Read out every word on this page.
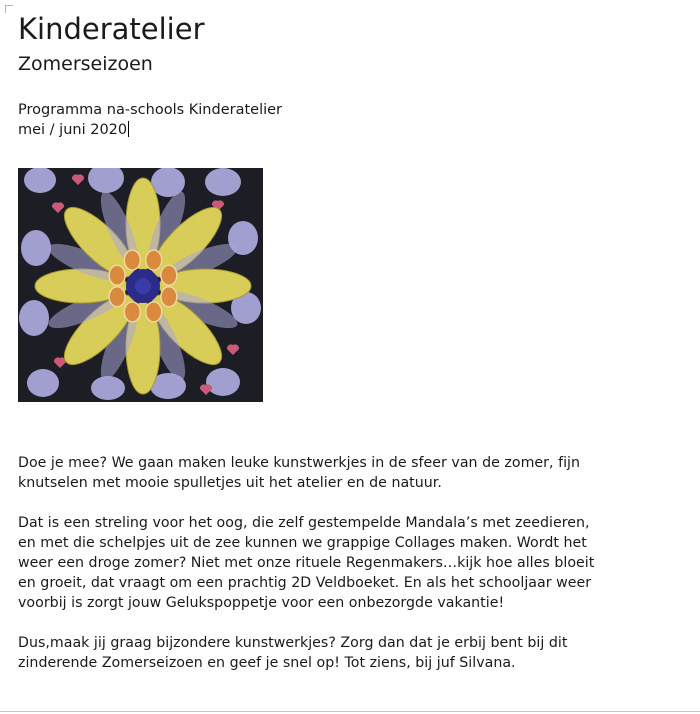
Kinderatelier
Zomerseizoen
Programma na-schools Kinderatelier
mei / juni 2020
Doe je mee? We gaan maken leuke kunstwerkjes in de sfeer van de zomer, fijn
knutselen met mooie spulletjes uit het atelier en de natuur.
Dat is een streling voor het oog, die zelf gestempelde Mandala’s met zeedieren,
en met die schelpjes uit de zee kunnen we grappige Collages maken. Wordt het
weer een droge zomer? Niet met onze rituele Regenmakers…kijk hoe alles bloeit
en groeit, dat vraagt om een prachtig 2D Veldboeket. En als het schooljaar weer
voorbij is zorgt jouw Gelukspoppetje voor een onbezorgde vakantie!
Dus,maak jij graag bijzondere kunstwerkjes? Zorg dan dat je erbij bent bij dit
zinderende Zomerseizoen en geef je snel op! Tot ziens, bij juf Silvana.
